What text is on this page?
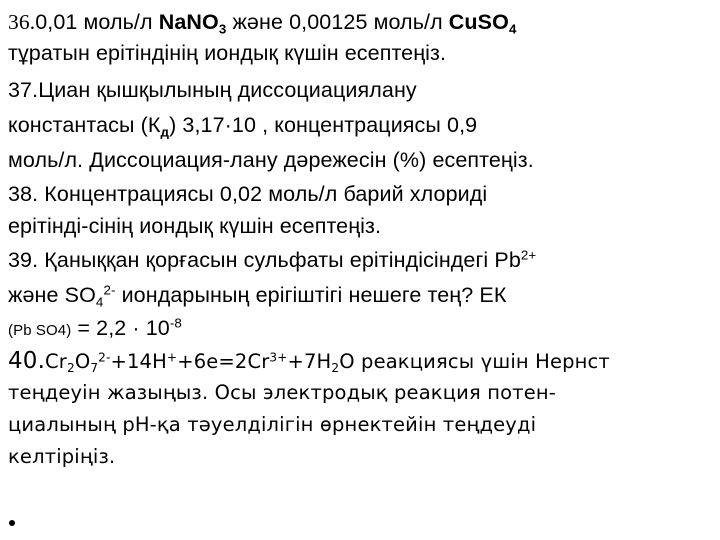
36.0,01 моль/л NaNO$_3$ және 0,00125 моль/л CuSO$_4$
тұратын ерітіндінің иондық күшін есептеңіз.
37.Циан қышқылының диссоциациялану
константасы $(К_д)$ 3,17·10 , концентрациясы 0,9
моль/л. Диссоциация-лану дәрежесін (%) есептеңіз.
38. Концентрациясы 0,02 моль/л барий хлориді
ерітінді-сінің иондық күшін есептеңіз.
39. Қаныққан қорғасын сульфаты ерітіндісіндегі $Pb^{2+}$
және $SO_4^{2-}$ иондарының ерігіштігі нешеге тең? ЕК
(Pb $SO4) = 2,2 \cdot 10^{-8}$
$40.Cr_2O_7^{2-}+14H^++6e=2Cr^{3+}+7H_2O$ реакциясы үшін Нернст
теңдеуін жазыңыз. Осы электродық реакция потен-
циалының рН-қа тәуелділігін өрнектейін теңдеуді
келтіріңіз.
